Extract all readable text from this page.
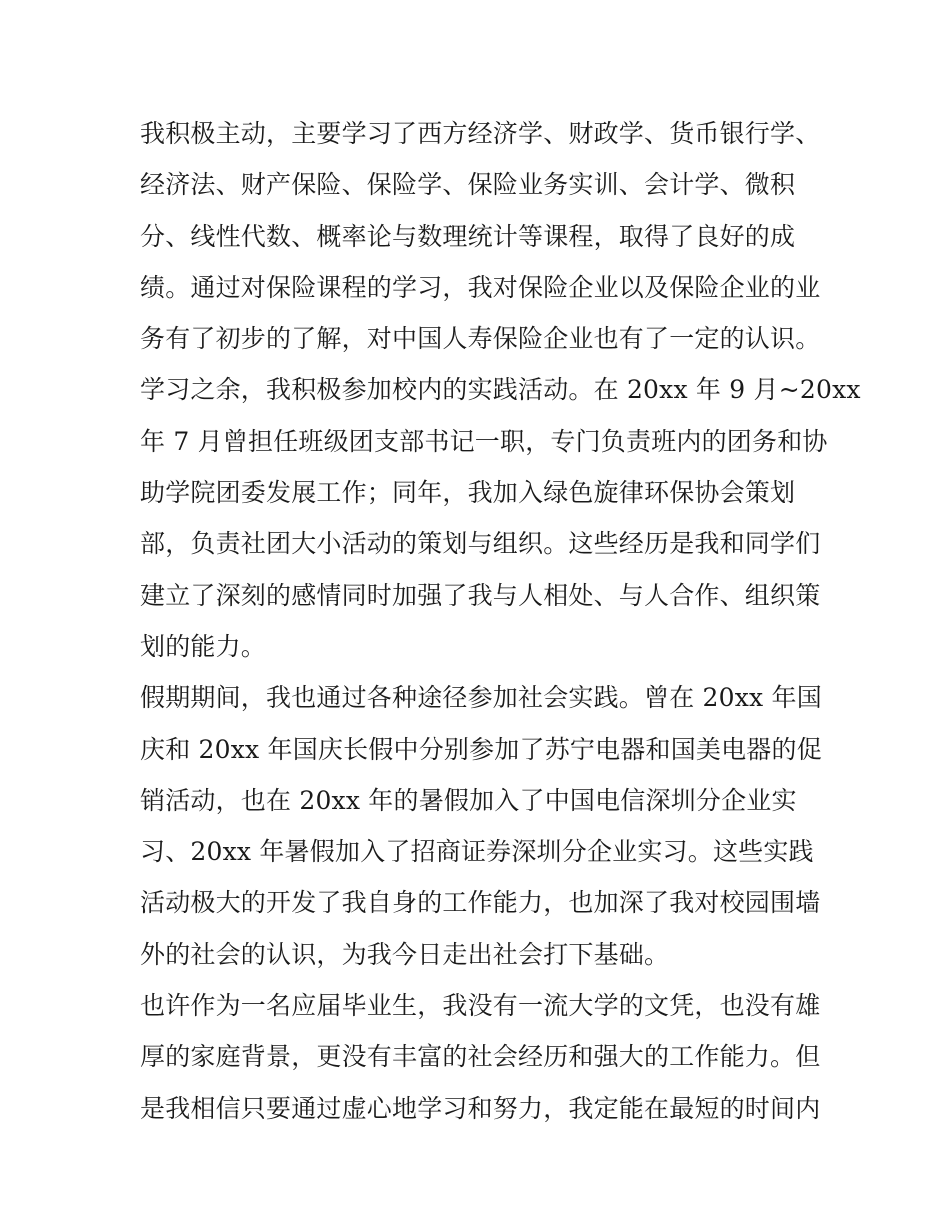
我积极主动，主要学习了西方经济学、财政学、货币银行学、
经济法、财产保险、保险学、保险业务实训、会计学、微积
分、线性代数、概率论与数理统计等课程，取得了良好的成
绩。通过对保险课程的学习，我对保险企业以及保险企业的业
务有了初步的了解，对中国人寿保险企业也有了一定的认识。
学习之余，我积极参加校内的实践活动。在 20xx 年 9 月~20xx
年 7 月曾担任班级团支部书记一职，专门负责班内的团务和协
助学院团委发展工作；同年，我加入绿色旋律环保协会策划
部，负责社团大小活动的策划与组织。这些经历是我和同学们
建立了深刻的感情同时加强了我与人相处、与人合作、组织策
划的能力。
假期期间，我也通过各种途径参加社会实践。曾在 20xx 年国
庆和 20xx 年国庆长假中分别参加了苏宁电器和国美电器的促
销活动，也在 20xx 年的暑假加入了中国电信深圳分企业实
习、20xx 年暑假加入了招商证券深圳分企业实习。这些实践
活动极大的开发了我自身的工作能力，也加深了我对校园围墙
外的社会的认识，为我今日走出社会打下基础。
也许作为一名应届毕业生，我没有一流大学的文凭，也没有雄
厚的家庭背景，更没有丰富的社会经历和强大的工作能力。但
是我相信只要通过虚心地学习和努力，我定能在最短的时间内
